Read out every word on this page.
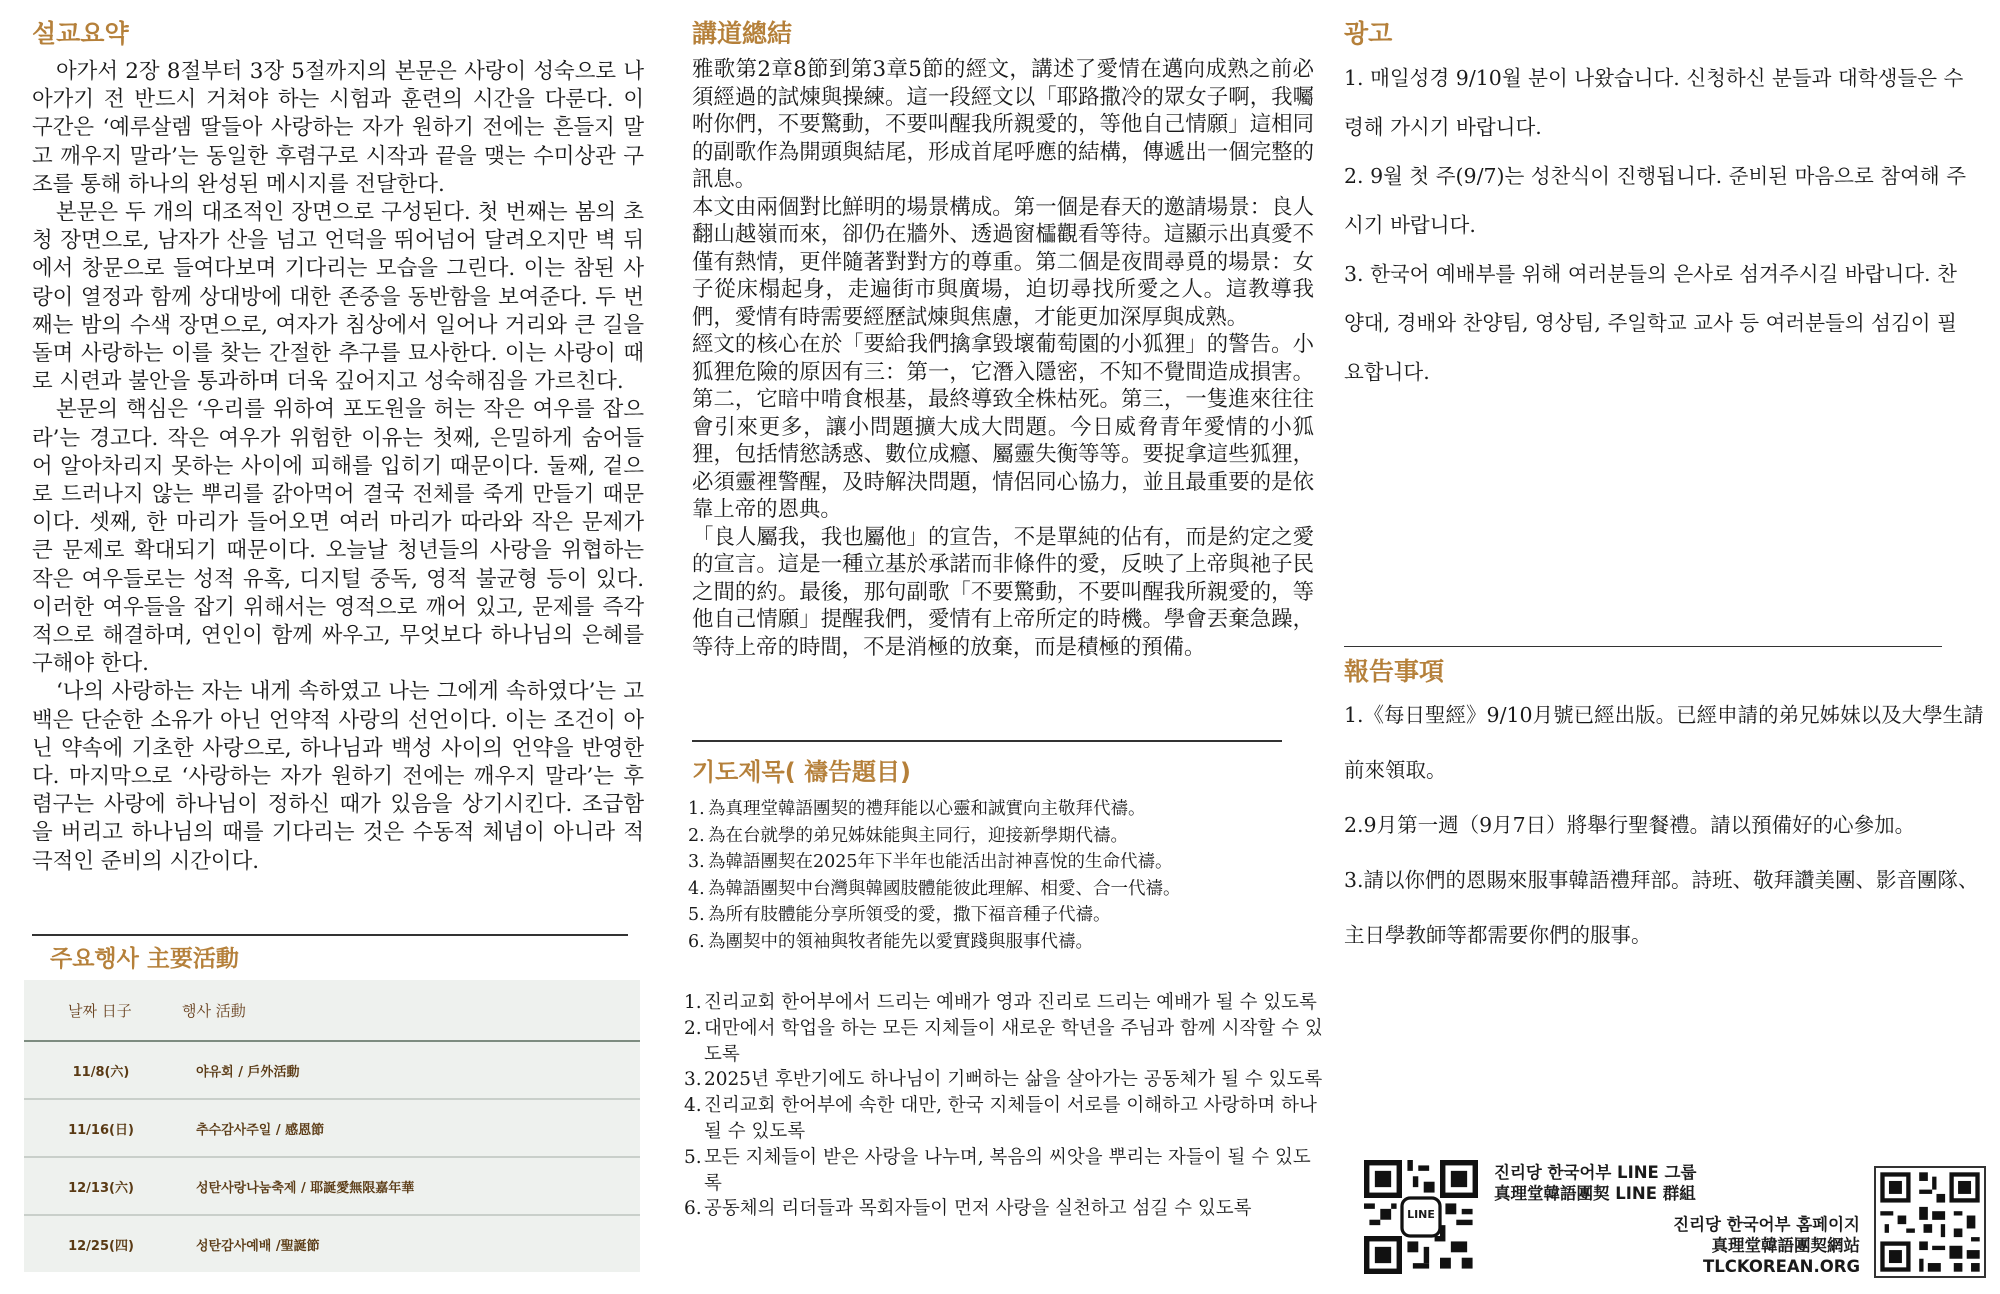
설교요약

아가서 2장 8절부터 3장 5절까지의 본문은 사랑이 성숙으로 나아가기 전 반드시 거쳐야 하는 시험과 훈련의 시간을 다룬다. 이 구간은 ‘예루살렘 딸들아 사랑하는 자가 원하기 전에는 흔들지 말고 깨우지 말라’는 동일한 후렴구로 시작과 끝을 맺는 수미상관 구조를 통해 하나의 완성된 메시지를 전달한다.

본문은 두 개의 대조적인 장면으로 구성된다. 첫 번째는 봄의 초청 장면으로, 남자가 산을 넘고 언덕을 뛰어넘어 달려오지만 벽 뒤에서 창문으로 들여다보며 기다리는 모습을 그린다. 이는 참된 사랑이 열정과 함께 상대방에 대한 존중을 동반함을 보여준다. 두 번째는 밤의 수색 장면으로, 여자가 침상에서 일어나 거리와 큰 길을 돌며 사랑하는 이를 찾는 간절한 추구를 묘사한다. 이는 사랑이 때로 시련과 불안을 통과하며 더욱 깊어지고 성숙해짐을 가르친다.

본문의 핵심은 ‘우리를 위하여 포도원을 허는 작은 여우를 잡으라’는 경고다. 작은 여우가 위험한 이유는 첫째, 은밀하게 숨어들어 알아차리지 못하는 사이에 피해를 입히기 때문이다. 둘째, 겉으로 드러나지 않는 뿌리를 갉아먹어 결국 전체를 죽게 만들기 때문이다. 셋째, 한 마리가 들어오면 여러 마리가 따라와 작은 문제가 큰 문제로 확대되기 때문이다. 오늘날 청년들의 사랑을 위협하는 작은 여우들로는 성적 유혹, 디지털 중독, 영적 불균형 등이 있다. 이러한 여우들을 잡기 위해서는 영적으로 깨어 있고, 문제를 즉각적으로 해결하며, 연인이 함께 싸우고, 무엇보다 하나님의 은혜를 구해야 한다.

‘나의 사랑하는 자는 내게 속하였고 나는 그에게 속하였다’는 고백은 단순한 소유가 아닌 언약적 사랑의 선언이다. 이는 조건이 아닌 약속에 기초한 사랑으로, 하나님과 백성 사이의 언약을 반영한다. 마지막으로 ‘사랑하는 자가 원하기 전에는 깨우지 말라’는 후렴구는 사랑에 하나님이 정하신 때가 있음을 상기시킨다. 조급함을 버리고 하나님의 때를 기다리는 것은 수동적 체념이 아니라 적극적인 준비의 시간이다.

주요행사 主要活動
날짜 日子	행사 活動
11/8(六)	야유회 / 戶外活動
11/16(日)	추수감사주일 / 感恩節
12/13(六)	성탄사랑나눔축제 / 耶誕愛無限嘉年華
12/25(四)	성탄감사예배 /聖誕節
講道總結

雅歌第2章8節到第3章5節的經文，講述了愛情在邁向成熟之前必須經過的試煉與操練。這一段經文以「耶路撒冷的眾女子啊，我囑咐你們，不要驚動，不要叫醒我所親愛的，等他自己情願」這相同的副歌作為開頭與結尾，形成首尾呼應的結構，傳遞出一個完整的訊息。

本文由兩個對比鮮明的場景構成。第一個是春天的邀請場景：良人翻山越嶺而來，卻仍在牆外、透過窗櫺觀看等待。這顯示出真愛不僅有熱情，更伴隨著對對方的尊重。第二個是夜間尋覓的場景：女子從床榻起身，走遍街市與廣場，迫切尋找所愛之人。這教導我們，愛情有時需要經歷試煉與焦慮，才能更加深厚與成熟。

經文的核心在於「要給我們擒拿毀壞葡萄園的小狐狸」的警告。小狐狸危險的原因有三：第一，它潛入隱密，不知不覺間造成損害。第二，它暗中啃食根基，最終導致全株枯死。第三，一隻進來往往會引來更多，讓小問題擴大成大問題。今日威脅青年愛情的小狐狸，包括情慾誘惑、數位成癮、屬靈失衡等等。要捉拿這些狐狸，必須靈裡警醒，及時解決問題，情侶同心協力，並且最重要的是依靠上帝的恩典。

「良人屬我，我也屬他」的宣告，不是單純的佔有，而是約定之愛的宣言。這是一種立基於承諾而非條件的愛，反映了上帝與祂子民之間的約。最後，那句副歌「不要驚動，不要叫醒我所親愛的，等他自己情願」提醒我們，愛情有上帝所定的時機。學會丟棄急躁，等待上帝的時間，不是消極的放棄，而是積極的預備。

기도제목( 禱告題目)
1. 為真理堂韓語團契的禮拜能以心靈和誠實向主敬拜代禱。
2. 為在台就學的弟兄姊妹能與主同行，迎接新學期代禱。
3. 為韓語團契在2025年下半年也能活出討神喜悅的生命代禱。
4. 為韓語團契中台灣與韓國肢體能彼此理解、相愛、合一代禱。
5. 為所有肢體能分享所領受的愛，撒下福音種子代禱。
6. 為團契中的領袖與牧者能先以愛實踐與服事代禱。
1. 진리교회 한어부에서 드리는 예배가 영과 진리로 드리는 예배가 될 수 있도록
2. 대만에서 학업을 하는 모든 지체들이 새로운 학년을 주님과 함께 시작할 수 있도록
3. 2025년 후반기에도 하나님이 기뻐하는 삶을 살아가는 공동체가 될 수 있도록
4. 진리교회 한어부에 속한 대만, 한국 지체들이 서로를 이해하고 사랑하며 하나될 수 있도록
5. 모든 지체들이 받은 사랑을 나누며, 복음의 씨앗을 뿌리는 자들이 될 수 있도록
6. 공동체의 리더들과 목회자들이 먼저 사랑을 실천하고 섬길 수 있도록
광고

1. 매일성경 9/10월 분이 나왔습니다. 신청하신 분들과 대학생들은 수령해 가시기 바랍니다.

2. 9월 첫 주(9/7)는 성찬식이 진행됩니다. 준비된 마음으로 참여해 주시기 바랍니다.

3. 한국어 예배부를 위해 여러분들의 은사로 섬겨주시길 바랍니다. 찬양대, 경배와 찬양팀, 영상팀, 주일학교 교사 등 여러분들의 섬김이 필요합니다.

報告事項

1.《每日聖經》9/10月號已經出版。已經申請的弟兄姊妹以及大學生請前來領取。

2.9月第一週（9月7日）將舉行聖餐禮。請以預備好的心參加。

3.請以你們的恩賜來服事韓語禮拜部。詩班、敬拜讚美團、影音團隊、主日學教師等都需要你們的服事。

LINE
진리당 한국어부 LINE 그룹
真理堂韓語團契 LINE 群組
진리당 한국어부 홈페이지
真理堂韓語團契網站
TLCKOREAN.ORG
